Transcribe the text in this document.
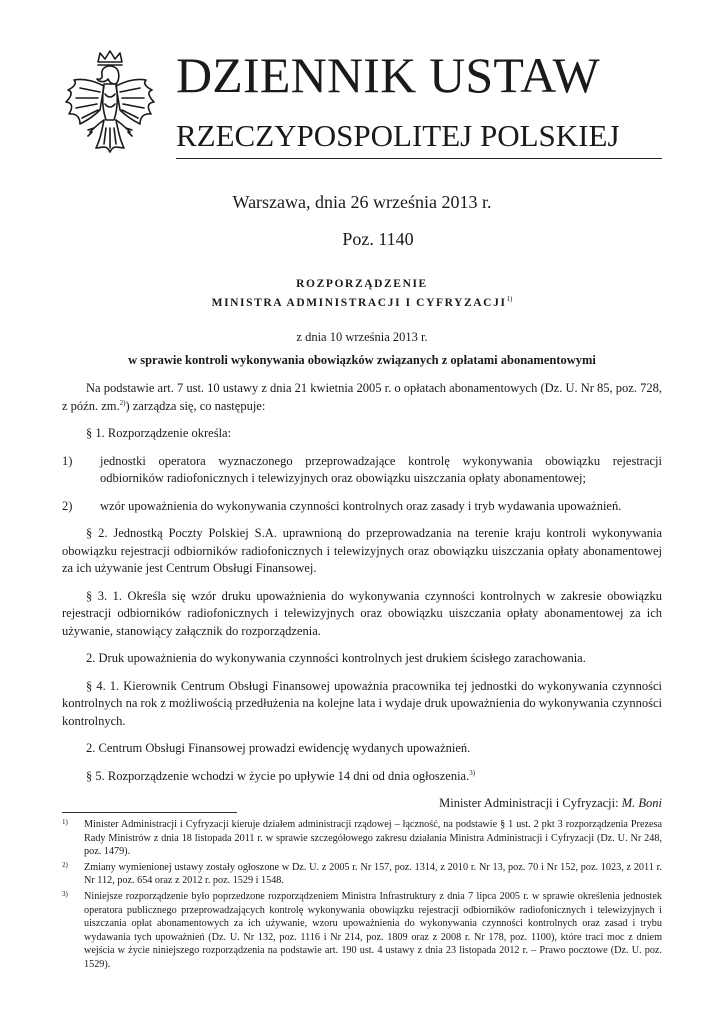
DZIENNIK USTAW
RZECZYPOSPOLITEJ POLSKIEJ
Warszawa, dnia 26 września 2013 r.
Poz. 1140
ROZPORZĄDZENIE
MINISTRA ADMINISTRACJI I CYFRYZACJI$^{1)}$
z dnia 10 września 2013 r.
w sprawie kontroli wykonywania obowiązków związanych z opłatami abonamentowymi

Na podstawie art. 7 ust. 10 ustawy z dnia 21 kwietnia 2005 r. o opłatach abonamentowych (Dz. U. Nr 85, poz. 728, z późn. zm.$^{2)}$) zarządza się, co następuje:

§ 1. Rozporządzenie określa:

1) jednostki operatora wyznaczonego przeprowadzające kontrolę wykonywania obowiązku rejestracji odbiorników radiofonicznych i telewizyjnych oraz obowiązku uiszczania opłaty abonamentowej;
2) wzór upoważnienia do wykonywania czynności kontrolnych oraz zasady i tryb wydawania upoważnień.

§ 2. Jednostką Poczty Polskiej S.A. uprawnioną do przeprowadzania na terenie kraju kontroli wykonywania obowiązku rejestracji odbiorników radiofonicznych i telewizyjnych oraz obowiązku uiszczania opłaty abonamentowej za ich używanie jest Centrum Obsługi Finansowej.

§ 3. 1. Określa się wzór druku upoważnienia do wykonywania czynności kontrolnych w zakresie obowiązku rejestracji odbiorników radiofonicznych i telewizyjnych oraz obowiązku uiszczania opłaty abonamentowej za ich używanie, stanowiący załącznik do rozporządzenia.

2. Druk upoważnienia do wykonywania czynności kontrolnych jest drukiem ścisłego zarachowania.

§ 4. 1. Kierownik Centrum Obsługi Finansowej upoważnia pracownika tej jednostki do wykonywania czynności kontrolnych na rok z możliwością przedłużenia na kolejne lata i wydaje druk upoważnienia do wykonywania czynności kontrolnych.

2. Centrum Obsługi Finansowej prowadzi ewidencję wydanych upoważnień.

§ 5. Rozporządzenie wchodzi w życie po upływie 14 dni od dnia ogłoszenia.$^{3)}$

Minister Administracji i Cyfryzacji: M. Boni
1) Minister Administracji i Cyfryzacji kieruje działem administracji rządowej – łączność, na podstawie § 1 ust. 2 pkt 3 rozporządzenia Prezesa Rady Ministrów z dnia 18 listopada 2011 r. w sprawie szczegółowego zakresu działania Ministra Administracji i Cyfryzacji (Dz. U. Nr 248, poz. 1479).
2) Zmiany wymienionej ustawy zostały ogłoszone w Dz. U. z 2005 r. Nr 157, poz. 1314, z 2010 r. Nr 13, poz. 70 i Nr 152, poz. 1023, z 2011 r. Nr 112, poz. 654 oraz z 2012 r. poz. 1529 i 1548.
3) Niniejsze rozporządzenie było poprzedzone rozporządzeniem Ministra Infrastruktury z dnia 7 lipca 2005 r. w sprawie określenia jednostek operatora publicznego przeprowadzających kontrolę wykonywania obowiązku rejestracji odbiorników radiofonicznych i telewizyjnych i uiszczania opłat abonamentowych za ich używanie, wzoru upoważnienia do wykonywania czynności kontrolnych oraz zasad i trybu wydawania tych upoważnień (Dz. U. Nr 132, poz. 1116 i Nr 214, poz. 1809 oraz z 2008 r. Nr 178, poz. 1100), które traci moc z dniem wejścia w życie niniejszego rozporządzenia na podstawie art. 190 ust. 4 ustawy z dnia 23 listopada 2012 r. – Prawo pocztowe (Dz. U. poz. 1529).
